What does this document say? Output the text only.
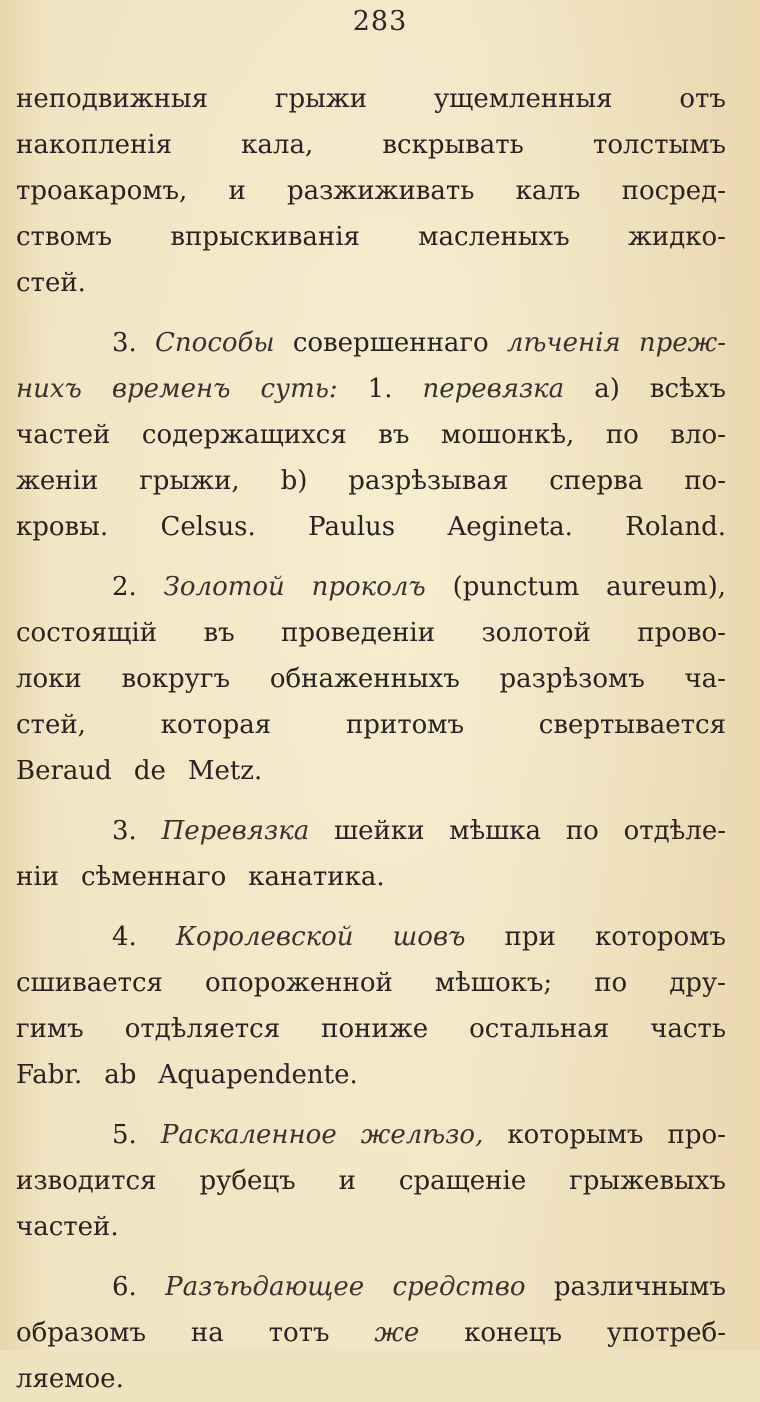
283
неподвижныя	грыжи	ущемленныя	отъ
накопленія	кала,	вскрывать	толстымъ
троакаромъ, и разжиживать калъ посред-
ствомъ впрыскиванія масленыхъ жидко-
стей.
3. Способы совершеннаго лѣченія преж-
нихъ временъ суть: 1. перевязка a) всѣхъ
частей содержащихся въ мошонкѣ, по вло-
женіи грыжи, b) разрѣзывая сперва по-
кровы. Celsus. Paulus Aegineta. Roland.
2. Золотой проколъ (punctum aureum),
состоящій въ проведеніи золотой прово-
локи вокругъ обнаженныхъ разрѣзомъ ча-
стей,	которая	притомъ	свертывается
Beraud de Metz.
3. Перевязка шейки мѣшка по отдѣле-
ніи сѣменнаго канатика.
4. Королевской шовъ при которомъ
сшивается опороженной мѣшокъ; по дру-
гимъ отдѣляется пониже остальная часть
Fabr. ab Aquapendente.
5. Раскаленное желѣзо, которымъ про-
изводится рубецъ и сращеніе грыжевыхъ
частей.
6. Разъѣдающее средство различнымъ
образомъ на тотъ же конецъ употреб-
ляемое.
